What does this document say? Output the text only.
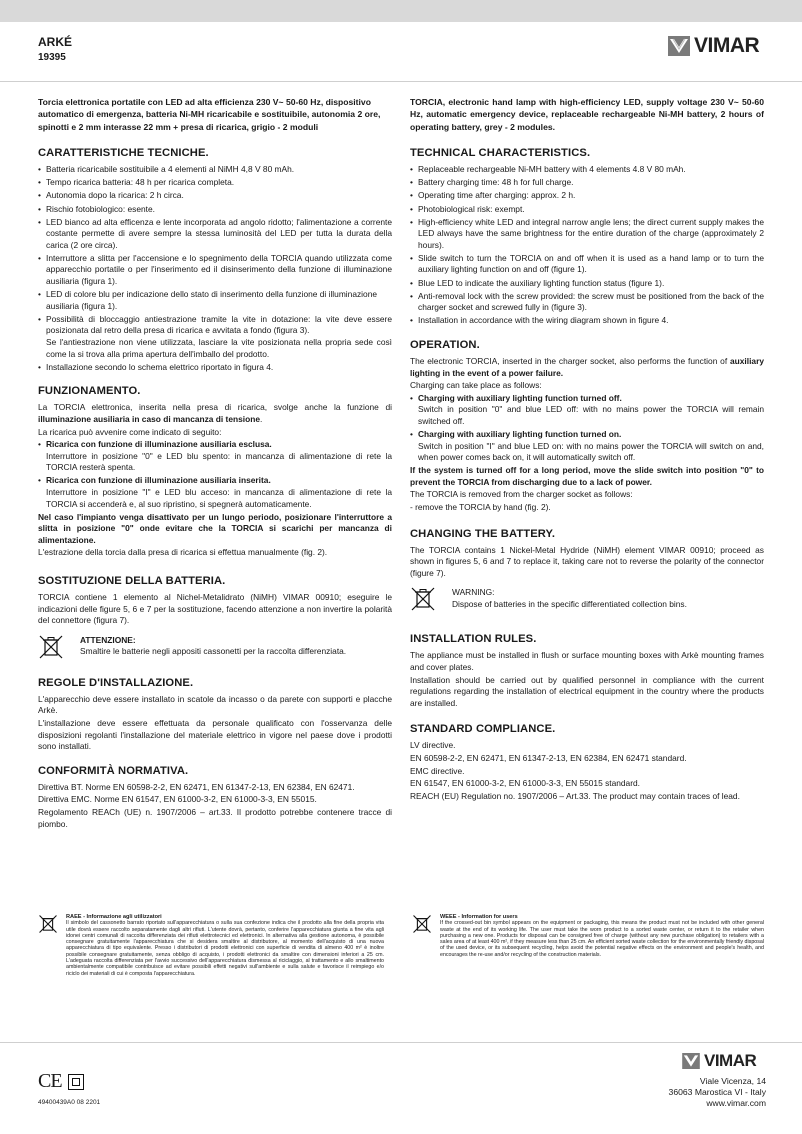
ARKÉ
19395
VIMAR

Torcia elettronica portatile con LED ad alta efficienza 230 V~ 50-60 Hz, dispositivo automatico di emergenza, batteria Ni-MH ricaricabile e sostituibile, autonomia 2 ore, spinotti e 2 mm interasse 22 mm + presa di ricarica, grigio - 2 moduli

CARATTERISTICHE TECNICHE.
• Batteria ricaricabile sostituibile a 4 elementi al NiMH 4,8 V 80 mAh.
• Tempo ricarica batteria: 48 h per ricarica completa.
• Autonomia dopo la ricarica: 2 h circa.
• Rischio fotobiologico: esente.
• LED bianco ad alta efficenza e lente incorporata ad angolo ridotto; l'alimentazione a corrente costante permette di avere sempre la stessa luminosità del LED per tutta la durata della carica (2 ore circa).
• Interruttore a slitta per l'accensione e lo spegnimento della TORCIA quando utilizzata come apparecchio portatile o per l'inserimento ed il disinserimento della funzione di illuminazione ausiliaria (figura 1).
• LED di colore blu per indicazione dello stato di inserimento della funzione di illuminazione ausiliaria (figura 1).
• Possibilità di bloccaggio antiestrazione tramite la vite in dotazione: la vite deve essere posizionata dal retro della presa di ricarica e avvitata a fondo (figura 3).
Se l'antiestrazione non viene utilizzata, lasciare la vite posizionata nella propria sede così come la si trova alla prima apertura dell'imballo del prodotto.
• Installazione secondo lo schema elettrico riportato in figura 4.
FUNZIONAMENTO.

La TORCIA elettronica, inserita nella presa di ricarica, svolge anche la funzione di illuminazione ausiliaria in caso di mancanza di tensione.

La ricarica può avvenire come indicato di seguito:

• Ricarica con funzione di illuminazione ausiliaria esclusa.
Interruttore in posizione "0" e LED blu spento: in mancanza di alimentazione di rete la TORCIA resterà spenta.
• Ricarica con funzione di illuminazione ausiliaria inserita.
Interruttore in posizione "I" e LED blu acceso: in mancanza di alimentazione di rete la TORCIA si accenderà e, al suo ripristino, si spegnerà automaticamente.

Nel caso l'impianto venga disattivato per un lungo periodo, posizionare l'interruttore a slitta in posizione "0" onde evitare che la TORCIA si scarichi per mancanza di alimentazione.

L'estrazione della torcia dalla presa di ricarica si effettua manualmente (fig. 2).

SOSTITUZIONE DELLA BATTERIA.

TORCIA contiene 1 elemento al Nichel-Metalidrato (NiMH) VIMAR 00910; eseguire le indicazioni delle figure 5, 6 e 7 per la sostituzione, facendo attenzione a non invertire la polarità del connettore (figura 7).

ATTENZIONE:
Smaltire le batterie negli appositi cassonetti per la raccolta differenziata.
REGOLE D'INSTALLAZIONE.

L'apparecchio deve essere installato in scatole da incasso o da parete con supporti e placche Arkè.

L'installazione deve essere effettuata da personale qualificato con l'osservanza delle disposizioni regolanti l'installazione del materiale elettrico in vigore nel paese dove i prodotti sono installati.

CONFORMITÀ NORMATIVA.

Direttiva BT. Norme EN 60598-2-2, EN 62471, EN 61347-2-13, EN 62384, EN 62471.

Direttiva EMC. Norme EN 61547, EN 61000-3-2, EN 61000-3-3, EN 55015.

Regolamento REACh (UE) n. 1907/2006 – art.33. Il prodotto potrebbe contenere tracce di piombo.

TORCIA, electronic hand lamp with high-efficiency LED, supply voltage 230 V~ 50-60 Hz, automatic emergency device, replaceable rechargeable Ni-MH battery, 2 hours of operating battery, grey - 2 modules.

TECHNICAL CHARACTERISTICS.
• Replaceable rechargeable Ni-MH battery with 4 elements 4.8 V 80 mAh.
• Battery charging time: 48 h for full charge.
• Operating time after charging: approx. 2 h.
• Photobiological risk: exempt.
• High-efficiency white LED and integral narrow angle lens; the direct current supply makes the LED always have the same brightness for the entire duration of the charge (approximately 2 hours).
• Slide switch to turn the TORCIA on and off when it is used as a hand lamp or to turn the auxiliary lighting function on and off (figure 1).
• Blue LED to indicate the auxiliary lighting function status (figure 1).
• Anti-removal lock with the screw provided: the screw must be positioned from the back of the charger socket and screwed fully in (figure 3).
• Installation in accordance with the wiring diagram shown in figure 4.
OPERATION.

The electronic TORCIA, inserted in the charger socket, also performs the function of auxiliary lighting in the event of a power failure.

Charging can take place as follows:

• Charging with auxiliary lighting function turned off.
Switch in position "0" and blue LED off: with no mains power the TORCIA will remain switched off.
• Charging with auxiliary lighting function turned on.
Switch in position "I" and blue LED on: with no mains power the TORCIA will switch on and, when power comes back on, it will automatically switch off.

If the system is turned off for a long period, move the slide switch into position "0" to prevent the TORCIA from discharging due to a lack of power.

The TORCIA is removed from the charger socket as follows:

- remove the TORCIA by hand (fig. 2).

CHANGING THE BATTERY.

The TORCIA contains 1 Nickel-Metal Hydride (NiMH) element VIMAR 00910; proceed as shown in figures 5, 6 and 7 to replace it, taking care not to reverse the polarity of the connector (figure 7).

WARNING:
Dispose of batteries in the specific differentiated collection bins.
INSTALLATION RULES.

The appliance must be installed in flush or surface mounting boxes with Arkè mounting frames and cover plates.

Installation should be carried out by qualified personnel in compliance with the current regulations regarding the installation of electrical equipment in the country where the products are installed.

STANDARD COMPLIANCE.

LV directive.

EN 60598-2-2, EN 62471, EN 61347-2-13, EN 62384, EN 62471 standard.

EMC directive.

EN 61547, EN 61000-3-2, EN 61000-3-3, EN 55015 standard.

REACH (EU) Regulation no. 1907/2006 – Art.33. The product may contain traces of lead.

RAEE - Informazione agli utilizzatori
Il simbolo del cassonetto barrato riportato sull'apparecchiatura o sulla sua confezione indica che il prodotto alla fine della propria vita utile dovrà essere raccolto separatamente dagli altri rifiuti. L'utente dovrà, pertanto, conferire l'apparecchiatura giunta a fine vita agli idonei centri comunali di raccolta differenziata dei rifiuti elettrotecnici ed elettronici. In alternativa alla gestione autonoma, è possibile consegnare gratuitamente l'apparecchiatura che si desidera smaltire al distributore, al momento dell'acquisto di una nuova apparecchiatura di tipo equivalente. Presso i distributori di prodotti elettronici con superficie di vendita di almeno 400 m² è inoltre possibile consegnare gratuitamente, senza obbligo di acquisto, i prodotti elettronici da smaltire con dimensioni inferiori a 25 cm. L'adeguata raccolta differenziata per l'avvio successivo dell'apparecchiatura dismessa al riciclaggio, al trattamento e allo smaltimento ambientalmente compatibile contribuisce ad evitare possibili effetti negativi sull'ambiente e sulla salute e favorisce il reimpiego e/o riciclo dei materiali di cui è composta l'apparecchiatura.
WEEE - Information for users
If the crossed-out bin symbol appears on the equipment or packaging, this means the product must not be included with other general waste at the end of its working life. The user must take the worn product to a sorted waste center, or return it to the retailer when purchasing a new one. Products for disposal can be consigned free of charge (without any new purchase obligation) to retailers with a sales area of at least 400 m², if they measure less than 25 cm. An efficient sorted waste collection for the environmentally friendly disposal of the used device, or its subsequent recycling, helps avoid the potential negative effects on the environment and people's health, and encourages the re-use and/or recycling of the construction materials.
CE
49400439A0 08 2201
VIMAR
Viale Vicenza, 14
36063 Marostica VI - Italy
www.vimar.com
